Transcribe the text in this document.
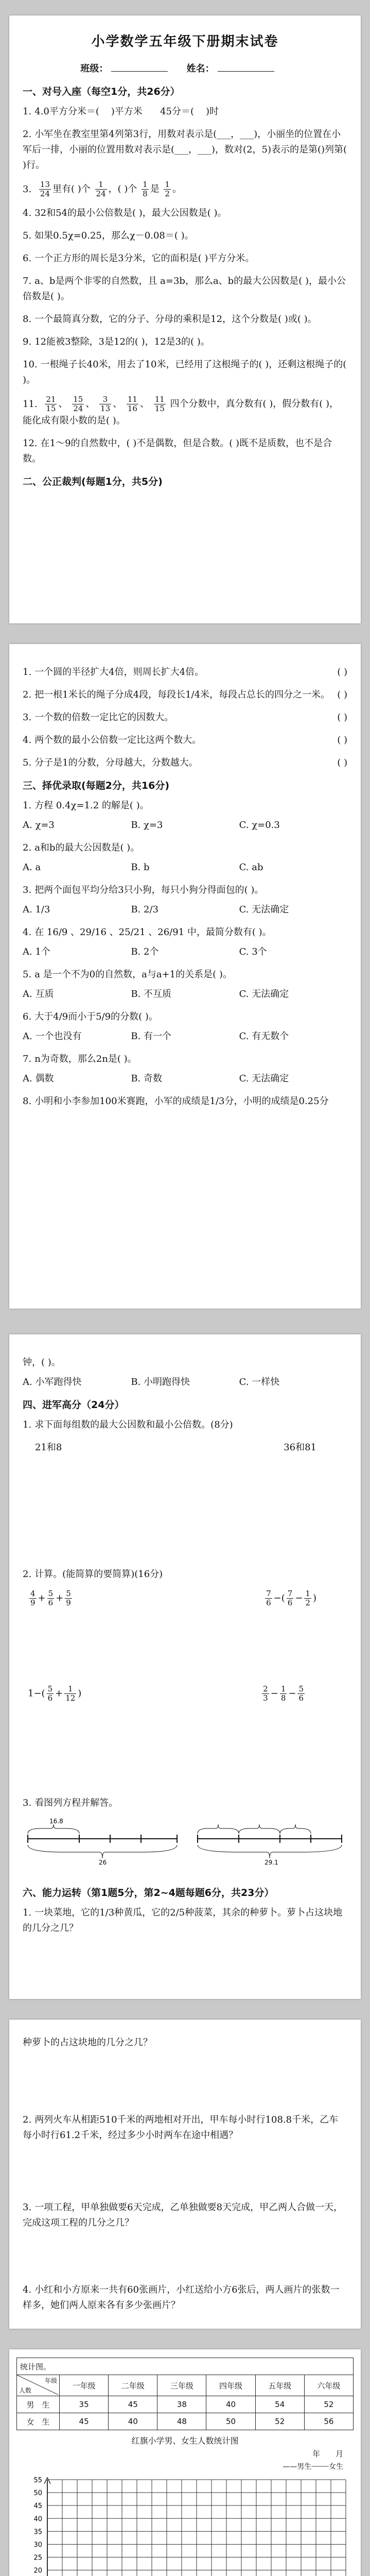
小学数学五年级下册期末试卷
班级：	姓名：
一、对号入座（每空1分，共26分）
1. 4.0平方分米＝( )平方米 45分＝( )时
2. 小军坐在教室里第4列第3行，用数对表示是(___，___)，小丽坐的位置在小军后一排，小丽的位置用数对表示是(___，___)，数对(2，5)表示的是第()列第( )行。
3. $\frac{13}{24}$ 里有( )个 $\frac{1}{24}$ ，( )个 $\frac{1}{8}$ 是 $\frac{1}{2}$ 。
4. 32和54的最小公倍数是( )，最大公因数是( )。
5. 如果0.5χ=0.25，那么χ－0.08＝( )。
6. 一个正方形的周长是3分米，它的面积是( )平方分米。
7. a、b是两个非零的自然数，且 a=3b，那么a、b的最大公因数是( )，最小公倍数是( )。
8. 一个最简真分数，它的分子、分母的乘积是12，这个分数是( )或( )。
9. 12能被3整除，3是12的( )，12是3的( )。
10. 一根绳子长40米，用去了10米，已经用了这根绳子的( )，还剩这根绳子的( )。
11. $\frac{21}{15}$ 、 $\frac{15}{24}$ 、 $\frac{3}{13}$ 、 $\frac{11}{16}$ 、 $\frac{11}{15}$ 四个分数中，真分数有( )，假分数有( )，能化成有限小数的是( )。
12. 在1～9的自然数中，( )不是偶数，但是合数。( )既不是质数，也不是合数。
二、公正裁判(每题1分，共5分)
1. 一个圆的半径扩大4倍，则周长扩大4倍。	( )
2. 把一根1米长的绳子分成4段，每段长1/4米，每段占总长的四分之一米。 ( )
3. 一个数的倍数一定比它的因数大。	( )
4. 两个数的最小公倍数一定比这两个数大。	( )
5. 分子是1的分数，分母越大，分数越大。	( )
三、择优录取(每题2分，共16分)
1. 方程 0.4χ=1.2 的解是( )。
A. χ=3	B. χ=3	C. χ=0.3
2. a和b的最大公因数是( )。
A. a	B. b	C. ab
3. 把两个面包平均分给3只小狗，每只小狗分得面包的( )。
A. 1/3	B. 2/3	C. 无法确定
4. 在 16/9 、29/16 、25/21 、26/91 中，最简分数有( )。
A. 1个	B. 2个	C. 3个
5. a 是一个不为0的自然数，a与a+1的关系是( )。
A. 互质	B. 不互质	C. 无法确定
6. 大于4/9而小于5/9的分数( )。
A. 一个也没有	B. 有一个	C. 有无数个
7. n为奇数，那么2n是( )。
A. 偶数	B. 奇数	C. 无法确定
8. 小明和小李参加100米赛跑，小军的成绩是1/3分，小明的成绩是0.25分
钟，( )。
A. 小军跑得快	B. 小明跑得快	C. 一样快
四、进军高分（24分）
1. 求下面每组数的最大公因数和最小公倍数。(8分)
21和8	36和81
2. 计算。(能简算的要简算)(16分)
$\frac{4}{9} + \frac{5}{6} + \frac{5}{9}$	$\frac{7}{6}$ −( $\frac{7}{6} - \frac{1}{2}$ )
$1-( \frac{5}{6} + \frac{1}{12}$ )	$\frac{2}{3} - \frac{1}{8} - \frac{5}{6}$
3. 看图列方程并解答。
16.8
26	29.1
六、能力运转（第1题5分，第2~4题每题6分，共23分）
1. 一块菜地，它的1/3种黄瓜，它的2/5种菠菜，其余的种萝卜。萝卜占这块地的几分之几？
种萝卜的占这块地的几分之几？
2. 两列火车从相距510千米的两地相对开出，甲车每小时行108.8千米，乙车每小时行61.2千米，经过多少小时两车在途中相遇？
3. 一项工程，甲单独做要6天完成，乙单独做要8天完成，甲乙两人合做一天，完成这项工程的几分之几？
4. 小红和小方原来一共有60张画片，小红送给小方6张后，两人画片的张数一样多，她们两人原来各有多少张画片？
统计图。						

年级
人数	一年级	二年级	三年级	四年级	五年级	六年级
男　生	35	45	38	40	54	52
女　生	45	40	48	50	52	56
红旗小学男、女生人数统计图
年　　月
——男生┈┈┈┈女生
55
50
45
40
35
30
25
20
